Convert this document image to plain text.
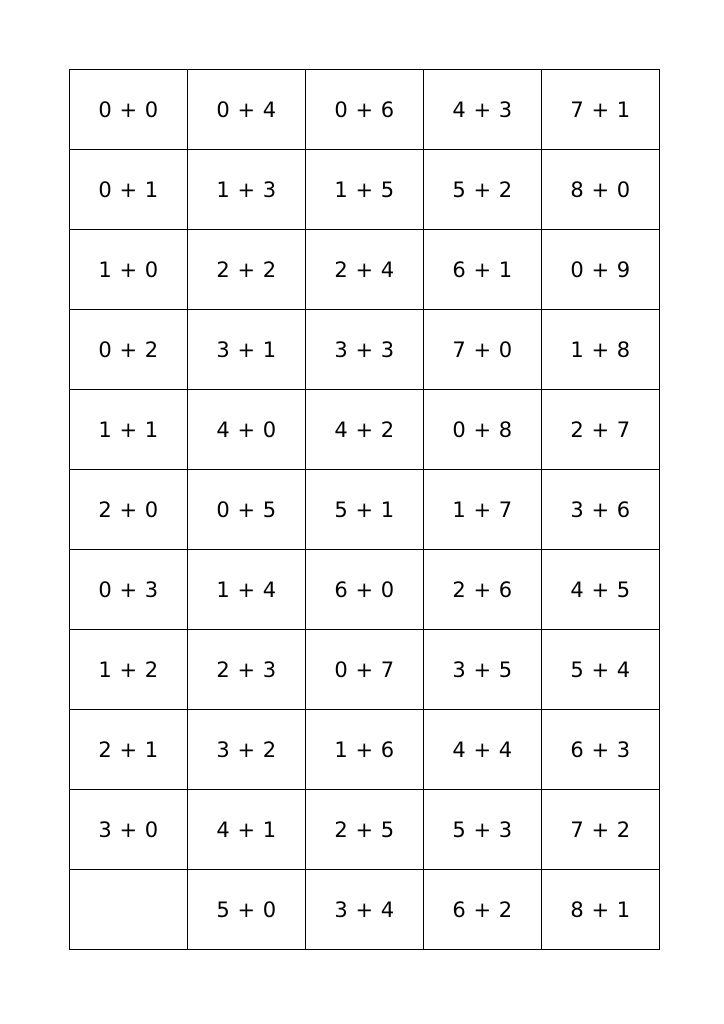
0 + 0	0 + 4	0 + 6	4 + 3	7 + 1
0 + 1	1 + 3	1 + 5	5 + 2	8 + 0
1 + 0	2 + 2	2 + 4	6 + 1	0 + 9
0 + 2	3 + 1	3 + 3	7 + 0	1 + 8
1 + 1	4 + 0	4 + 2	0 + 8	2 + 7
2 + 0	0 + 5	5 + 1	1 + 7	3 + 6
0 + 3	1 + 4	6 + 0	2 + 6	4 + 5
1 + 2	2 + 3	0 + 7	3 + 5	5 + 4
2 + 1	3 + 2	1 + 6	4 + 4	6 + 3
3 + 0	4 + 1	2 + 5	5 + 3	7 + 2
	5 + 0	3 + 4	6 + 2	8 + 1
